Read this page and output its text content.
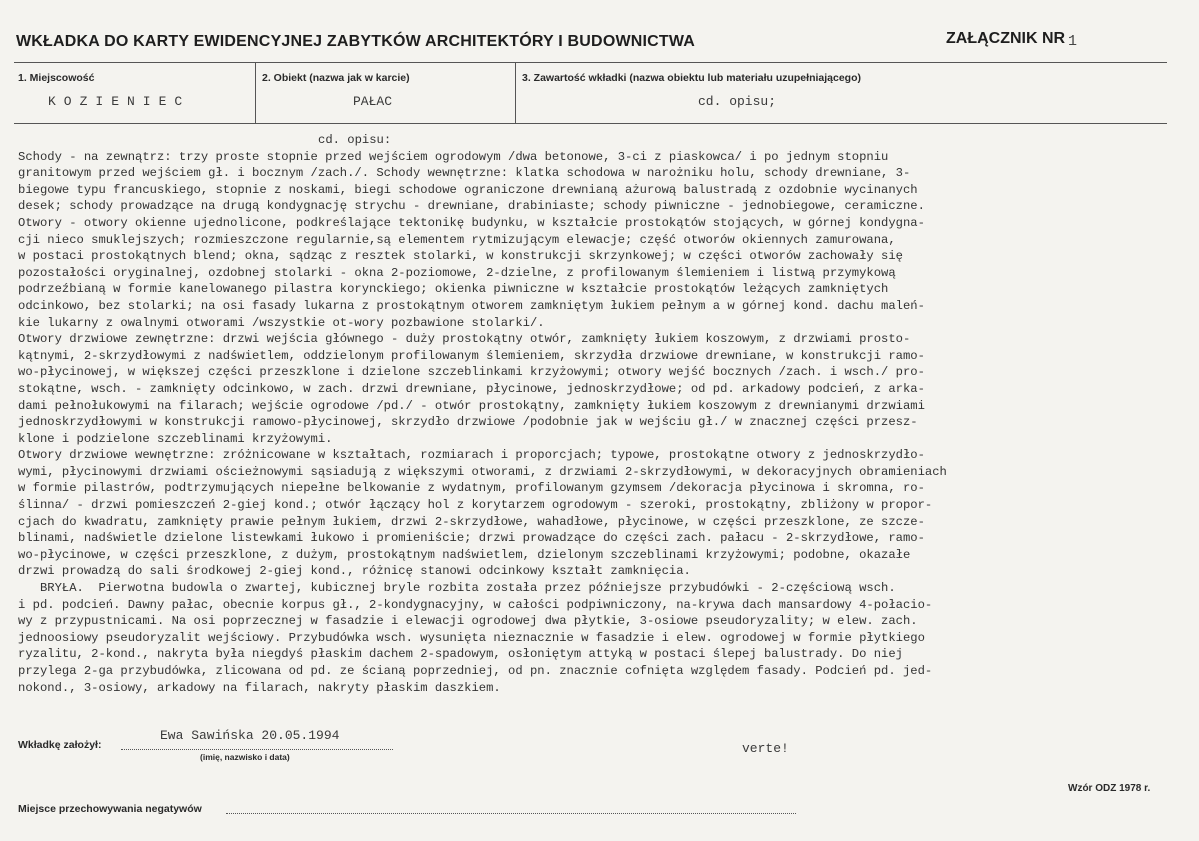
WKŁADKA DO KARTY EWIDENCYJNEJ ZABYTKÓW ARCHITEKTÓRY I BUDOWNICTWA	ZAŁĄCZNIK NR 1
1. Miejscowość
KOZIENIEC
2. Obiekt (nazwa jak w karcie)
PAŁAC
3. Zawartość wkładki (nazwa obiektu lub materiału uzupełniającego)
cd. opisu;
cd. opisu:
Schody - na zewnątrz: trzy proste stopnie przed wejściem ogrodowym /dwa betonowe, 3-ci z piaskowca/ i po jednym stopniu
granitowym przed wejściem gł. i bocznym /zach./. Schody wewnętrzne: klatka schodowa w narożniku holu, schody drewniane, 3-
biegowe typu francuskiego, stopnie z noskami, biegi schodowe ograniczone drewnianą ażurową balustradą z ozdobnie wycinanych
desek; schody prowadzące na drugą kondygnację strychu - drewniane, drabiniaste; schody piwniczne - jednobiegowe, ceramiczne.
Otwory - otwory okienne ujednolicone, podkreślające tektonikę budynku, w kształcie prostokątów stojących, w górnej kondygna-
cji nieco smuklejszych; rozmieszczone regularnie,są elementem rytmizującym elewacje; część otworów okiennych zamurowana,
w postaci prostokątnych blend; okna, sądząc z resztek stolarki, w konstrukcji skrzynkowej; w części otworów zachowały się
pozostałości oryginalnej, ozdobnej stolarki - okna 2-poziomowe, 2-dzielne, z profilowanym ślemieniem i listwą przymykową
podrzeźbianą w formie kanelowanego pilastra korynckiego; okienka piwniczne w kształcie prostokątów leżących zamkniętych
odcinkowo, bez stolarki; na osi fasady lukarna z prostokątnym otworem zamkniętym łukiem pełnym a w górnej kond. dachu maleń-
kie lukarny z owalnymi otworami /wszystkie ot-wory pozbawione stolarki/.
Otwory drzwiowe zewnętrzne: drzwi wejścia głównego - duży prostokątny otwór, zamknięty łukiem koszowym, z drzwiami prosto-
kątnymi, 2-skrzydłowymi z nadświetlem, oddzielonym profilowanym ślemieniem, skrzydła drzwiowe drewniane, w konstrukcji ramo-
wo-płycinowej, w większej części przeszklone i dzielone szczeblinkami krzyżowymi; otwory wejść bocznych /zach. i wsch./ pro-
stokątne, wsch. - zamknięty odcinkowo, w zach. drzwi drewniane, płycinowe, jednoskrzydłowe; od pd. arkadowy podcień, z arka-
dami pełnołukowymi na filarach; wejście ogrodowe /pd./ - otwór prostokątny, zamknięty łukiem koszowym z drewnianymi drzwiami
jednoskrzydłowymi w konstrukcji ramowo-płycinowej, skrzydło drzwiowe /podobnie jak w wejściu gł./ w znacznej części przesz-
klone i podzielone szczeblinami krzyżowymi.
Otwory drzwiowe wewnętrzne: zróżnicowane w kształtach, rozmiarach i proporcjach; typowe, prostokątne otwory z jednoskrzydło-
wymi, płycinowymi drzwiami ościeżnowymi sąsiadują z większymi otworami, z drzwiami 2-skrzydłowymi, w dekoracyjnych obramieniach
w formie pilastrów, podtrzymujących niepełne belkowanie z wydatnym, profilowanym gzymsem /dekoracja płycinowa i skromna, ro-
ślinna/ - drzwi pomieszczeń 2-giej kond.; otwór łączący hol z korytarzem ogrodowym - szeroki, prostokątny, zbliżony w propor-
cjach do kwadratu, zamknięty prawie pełnym łukiem, drzwi 2-skrzydłowe, wahadłowe, płycinowe, w części przeszklone, ze szcze-
blinami, nadświetle dzielone listewkami łukowo i promieniście; drzwi prowadzące do części zach. pałacu - 2-skrzydłowe, ramo-
wo-płycinowe, w części przeszklone, z dużym, prostokątnym nadświetlem, dzielonym szczeblinami krzyżowymi; podobne, okazałe
drzwi prowadzą do sali środkowej 2-giej kond., różnicę stanowi odcinkowy kształt zamknięcia.
BRYŁA.  Pierwotna budowla o zwartej, kubicznej bryle rozbita została przez późniejsze przybudówki - 2-częściową wsch.
i pd. podcień. Dawny pałac, obecnie korpus gł., 2-kondygnacyjny, w całości podpiwniczony, na-krywa dach mansardowy 4-połacio-
wy z przypustnicami. Na osi poprzecznej w fasadzie i elewacji ogrodowej dwa płytkie, 3-osiowe pseudoryzality; w elew. zach.
jednoosiowy pseudoryzalit wejściowy. Przybudówka wsch. wysunięta nieznacznie w fasadzie i elew. ogrodowej w formie płytkiego
ryzalitu, 2-kond., nakryta była niegdyś płaskim dachem 2-spadowym, osłoniętym attyką w postaci ślepej balustrady. Do niej
przylega 2-ga przybudówka, zlicowana od pd. ze ścianą poprzedniej, od pn. znacznie cofnięta względem fasady. Podcień pd. jed-
nokond., 3-osiowy, arkadowy na filarach, nakryty płaskim daszkiem.
Wkładkę założył:
Ewa Sawińska 20.05.1994
(imię, nazwisko i data)
verte!
Wzór ODZ 1978 r.
Miejsce przechowywania negatywów
